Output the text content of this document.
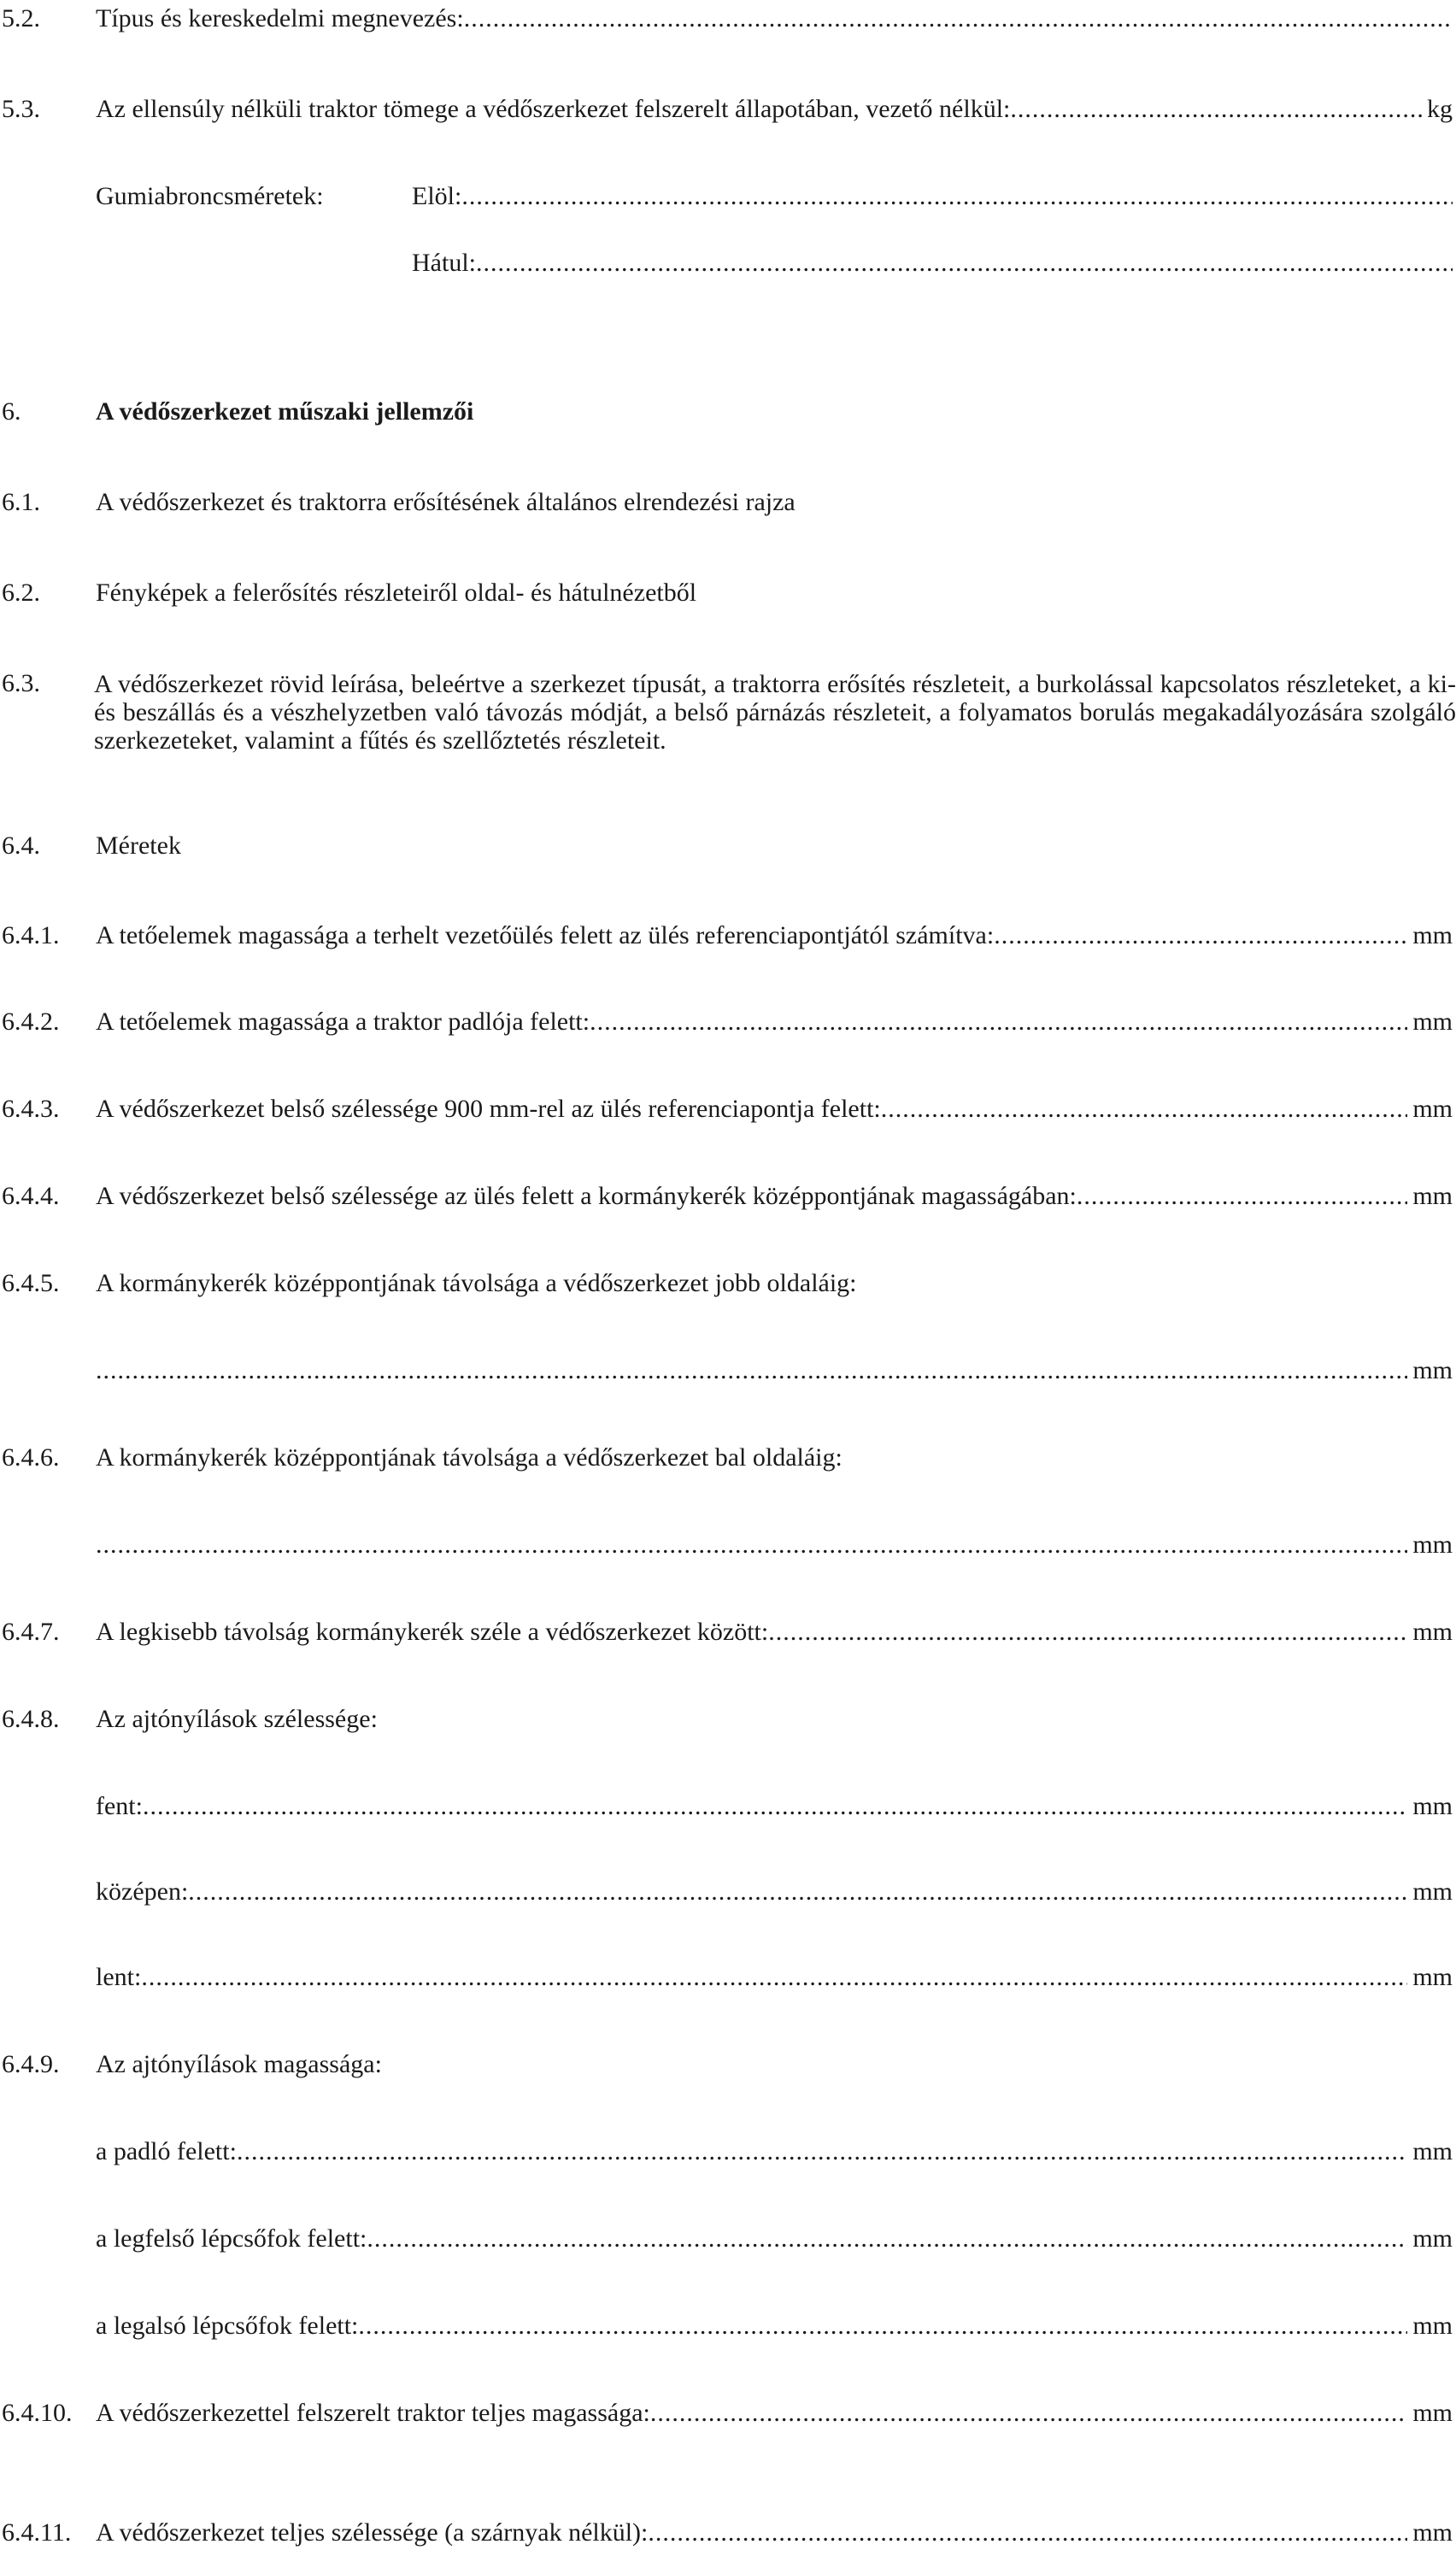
5.2. Típus és kereskedelmi megnevezés:
.....
5.3. Az ellensúly nélküli traktor tömege a védőszerkezet felszerelt állapotában, vezető nélkül: .....	kg
Gumiabroncsméretek:	Elöl:
.....
Hátul:
.....
6.	A védőszerkezet műszaki jellemzői
6.1. A védőszerkezet és traktorra erősítésének általános elrendezési rajza
6.2. Fényképek a felerősítés részleteiről oldal- és hátulnézetből
6.3. A védőszerkezet rövid leírása, beleértve a szerkezet típusát, a traktorra erősítés részleteit, a burkolással kapcsolatos részleteket, a ki- és beszállás és a vészhelyzetben való távozás módját, a belső párnázás részleteit, a folyamatos borulás megakadályozására szolgáló szerkezeteket, valamint a fűtés és szellőztetés részleteit.
6.4. Méretek
6.4.1. A tetőelemek magassága a terhelt vezetőülés felett az ülés referenciapontjától számítva: .....	mm
6.4.2. A tetőelemek magassága a traktor padlója felett: .....	mm
6.4.3. A védőszerkezet belső szélessége 900 mm-rel az ülés referenciapontja felett: .....	mm
6.4.4. A védőszerkezet belső szélessége az ülés felett a kormánykerék középpontjának magasságában: .....	mm
6.4.5. A kormánykerék középpontjának távolsága a védőszerkezet jobb oldaláig:
.....
mm
6.4.6. A kormánykerék középpontjának távolsága a védőszerkezet bal oldaláig:
.....
mm
6.4.7. A legkisebb távolság kormánykerék széle a védőszerkezet között: .....	mm
6.4.8. Az ajtónyílások szélessége:
fent: .....	mm
középen: .....	mm
lent: .....	mm
6.4.9. Az ajtónyílások magassága:
a padló felett: .....	mm
a legfelső lépcsőfok felett: .....	mm
a legalsó lépcsőfok felett: .....	mm
6.4.10. A védőszerkezettel felszerelt traktor teljes magassága: .....	mm
6.4.11. A védőszerkezet teljes szélessége (a szárnyak nélkül): .....	mm
